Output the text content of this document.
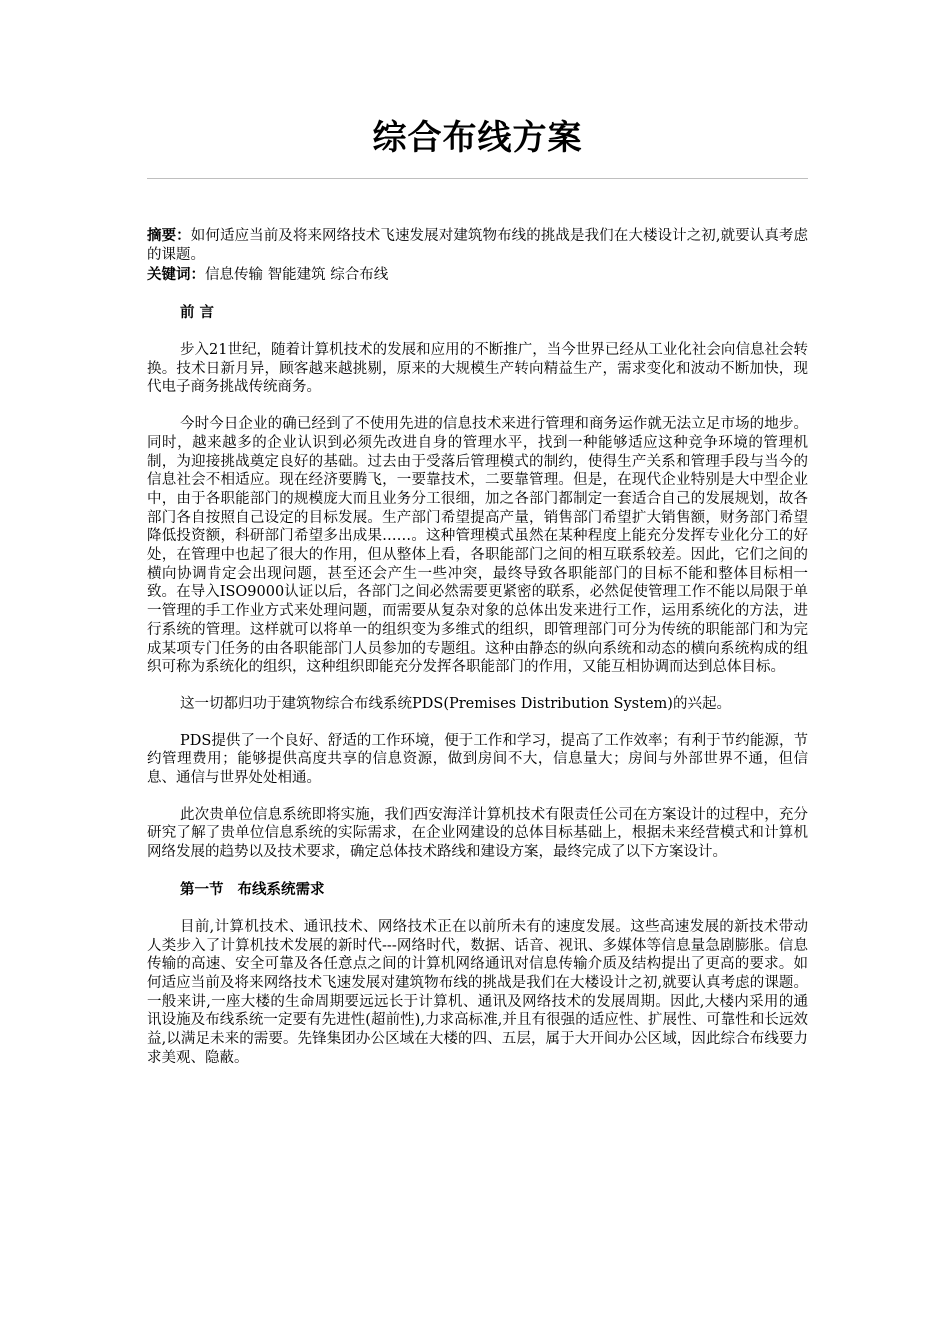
综合布线方案

摘要：如何适应当前及将来网络技术飞速发展对建筑物布线的挑战是我们在大楼设计之初,就要认真考虑的课题。

关键词：信息传输 智能建筑 综合布线

前 言

步入21世纪，随着计算机技术的发展和应用的不断推广，当今世界已经从工业化社会向信息社会转换。技术日新月异，顾客越来越挑剔，原来的大规模生产转向精益生产，需求变化和波动不断加快，现代电子商务挑战传统商务。

今时今日企业的确已经到了不使用先进的信息技术来进行管理和商务运作就无法立足市场的地步。同时，越来越多的企业认识到必须先改进自身的管理水平，找到一种能够适应这种竞争环境的管理机制，为迎接挑战奠定良好的基础。过去由于受落后管理模式的制约，使得生产关系和管理手段与当今的信息社会不相适应。现在经济要腾飞，一要靠技术，二要靠管理。但是，在现代企业特别是大中型企业中，由于各职能部门的规模庞大而且业务分工很细，加之各部门都制定一套适合自己的发展规划，故各部门各自按照自己设定的目标发展。生产部门希望提高产量，销售部门希望扩大销售额，财务部门希望降低投资额，科研部门希望多出成果……。这种管理模式虽然在某种程度上能充分发挥专业化分工的好处，在管理中也起了很大的作用，但从整体上看，各职能部门之间的相互联系较差。因此，它们之间的横向协调肯定会出现问题，甚至还会产生一些冲突，最终导致各职能部门的目标不能和整体目标相一致。在导入ISO9000认证以后，各部门之间必然需要更紧密的联系，必然促使管理工作不能以局限于单一管理的手工作业方式来处理问题，而需要从复杂对象的总体出发来进行工作，运用系统化的方法，进行系统的管理。这样就可以将单一的组织变为多维式的组织，即管理部门可分为传统的职能部门和为完成某项专门任务的由各职能部门人员参加的专题组。这种由静态的纵向系统和动态的横向系统构成的组织可称为系统化的组织，这种组织即能充分发挥各职能部门的作用，又能互相协调而达到总体目标。

这一切都归功于建筑物综合布线系统PDS(Premises Distribution System)的兴起。

PDS提供了一个良好、舒适的工作环境，便于工作和学习，提高了工作效率；有利于节约能源，节约管理费用；能够提供高度共享的信息资源，做到房间不大，信息量大；房间与外部世界不通，但信息、通信与世界处处相通。

此次贵单位信息系统即将实施，我们西安海洋计算机技术有限责任公司在方案设计的过程中，充分研究了解了贵单位信息系统的实际需求，在企业网建设的总体目标基础上，根据未来经营模式和计算机网络发展的趋势以及技术要求，确定总体技术路线和建设方案，最终完成了以下方案设计。

第一节 布线系统需求

目前,计算机技术、通讯技术、网络技术正在以前所未有的速度发展。这些高速发展的新技术带动人类步入了计算机技术发展的新时代---网络时代，数据、话音、视讯、多媒体等信息量急剧膨胀。信息传输的高速、安全可靠及各任意点之间的计算机网络通讯对信息传输介质及结构提出了更高的要求。如何适应当前及将来网络技术飞速发展对建筑物布线的挑战是我们在大楼设计之初,就要认真考虑的课题。一般来讲,一座大楼的生命周期要远远长于计算机、通讯及网络技术的发展周期。因此,大楼内采用的通讯设施及布线系统一定要有先进性(超前性),力求高标准,并且有很强的适应性、扩展性、可靠性和长远效益,以满足未来的需要。先锋集团办公区域在大楼的四、五层，属于大开间办公区域，因此综合布线要力求美观、隐蔽。
